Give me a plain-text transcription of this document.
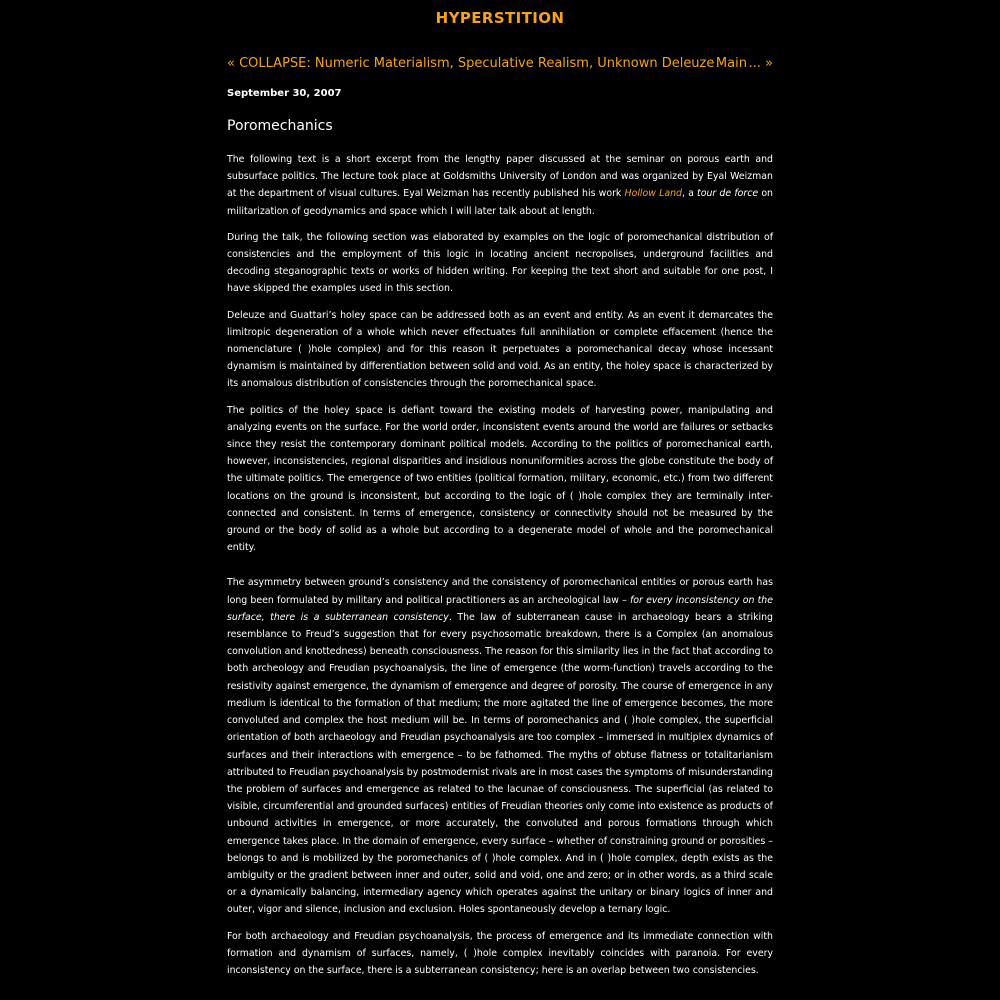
HYPERSTITION
« COLLAPSE: Numeric Materialism, Speculative Realism, Unknown Deleuze Main ... »
September 30, 2007
Poromechanics

The following text is a short excerpt from the lengthy paper discussed at the seminar on porous earth and subsurface politics. The lecture took place at Goldsmiths University of London and was organized by Eyal Weizman at the department of visual cultures. Eyal Weizman has recently published his work Hollow Land, a tour de force on militarization of geodynamics and space which I will later talk about at length.

During the talk, the following section was elaborated by examples on the logic of poromechanical distribution of consistencies and the employment of this logic in locating ancient necropolises, underground facilities and decoding steganographic texts or works of hidden writing. For keeping the text short and suitable for one post, I have skipped the examples used in this section.

Deleuze and Guattari’s holey space can be addressed both as an event and entity. As an event it demarcates the limitropic degeneration of a whole which never effectuates full annihilation or complete effacement (hence the nomenclature ( )hole complex) and for this reason it perpetuates a poromechanical decay whose incessant dynamism is maintained by differentiation between solid and void. As an entity, the holey space is characterized by its anomalous distribution of consistencies through the poromechanical space.

The politics of the holey space is defiant toward the existing models of harvesting power, manipulating and analyzing events on the surface. For the world order, inconsistent events around the world are failures or setbacks since they resist the contemporary dominant political models. According to the politics of poromechanical earth, however, inconsistencies, regional disparities and insidious nonuniformities across the globe constitute the body of the ultimate politics. The emergence of two entities (political formation, military, economic, etc.) from two different locations on the ground is inconsistent, but according to the logic of ( )hole complex they are terminally inter-connected and consistent. In terms of emergence, consistency or connectivity should not be measured by the ground or the body of solid as a whole but according to a degenerate model of whole and the poromechanical entity.

The asymmetry between ground’s consistency and the consistency of poromechanical entities or porous earth has long been formulated by military and political practitioners as an archeological law – for every inconsistency on the surface, there is a subterranean consistency. The law of subterranean cause in archaeology bears a striking resemblance to Freud’s suggestion that for every psychosomatic breakdown, there is a Complex (an anomalous convolution and knottedness) beneath consciousness. The reason for this similarity lies in the fact that according to both archeology and Freudian psychoanalysis, the line of emergence (the worm-function) travels according to the resistivity against emergence, the dynamism of emergence and degree of porosity. The course of emergence in any medium is identical to the formation of that medium; the more agitated the line of emergence becomes, the more convoluted and complex the host medium will be. In terms of poromechanics and ( )hole complex, the superficial orientation of both archaeology and Freudian psychoanalysis are too complex – immersed in multiplex dynamics of surfaces and their interactions with emergence – to be fathomed. The myths of obtuse flatness or totalitarianism attributed to Freudian psychoanalysis by postmodernist rivals are in most cases the symptoms of misunderstanding the problem of surfaces and emergence as related to the lacunae of consciousness. The superficial (as related to visible, circumferential and grounded surfaces) entities of Freudian theories only come into existence as products of unbound activities in emergence, or more accurately, the convoluted and porous formations through which emergence takes place. In the domain of emergence, every surface – whether of constraining ground or porosities – belongs to and is mobilized by the poromechanics of ( )hole complex. And in ( )hole complex, depth exists as the ambiguity or the gradient between inner and outer, solid and void, one and zero; or in other words, as a third scale or a dynamically balancing, intermediary agency which operates against the unitary or binary logics of inner and outer, vigor and silence, inclusion and exclusion. Holes spontaneously develop a ternary logic.

For both archaeology and Freudian psychoanalysis, the process of emergence and its immediate connection with formation and dynamism of surfaces, namely, ( )hole complex inevitably coincides with paranoia. For every inconsistency on the surface, there is a subterranean consistency; here is an overlap between two consistencies.
